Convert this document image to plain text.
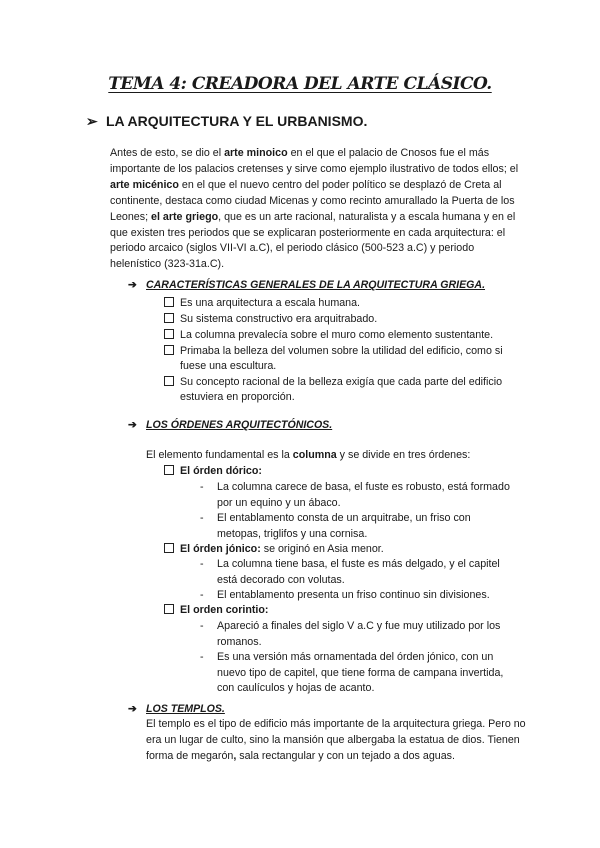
TEMA 4: CREADORA DEL ARTE CLÁSICO.
➢ LA ARQUITECTURA Y EL URBANISMO.
Antes de esto, se dio el arte minoico en el que el palacio de Cnosos fue el más importante de los palacios cretenses y sirve como ejemplo ilustrativo de todos ellos; el arte micénico en el que el nuevo centro del poder político se desplazó de Creta al continente, destaca como ciudad Micenas y como recinto amurallado la Puerta de los Leones; el arte griego, que es un arte racional, naturalista y a escala humana y en el que existen tres periodos que se explicaran posteriormente en cada arquitectura: el periodo arcaico (siglos VII-VI a.C), el periodo clásico (500-523 a.C) y periodo helenístico (323-31a.C).
➔ CARACTERÍSTICAS GENERALES DE LA ARQUITECTURA GRIEGA.
Es una arquitectura a escala humana.
Su sistema constructivo era arquitrabado.
La columna prevalecía sobre el muro como elemento sustentante.
Primaba la belleza del volumen sobre la utilidad del edificio, como si
fuese una escultura.
Su concepto racional de la belleza exigía que cada parte del edificio
estuviera en proporción.
➔ LOS ÓRDENES ARQUITECTÓNICOS.
El elemento fundamental es la columna y se divide en tres órdenes:
El órden dórico:
- La columna carece de basa, el fuste es robusto, está formado por un equino y un ábaco.
- El entablamento consta de un arquitrabe, un friso con metopas, triglifos y una cornisa.
El órden jónico: se originó en Asia menor.
- La columna tiene basa, el fuste es más delgado, y el capitel está decorado con volutas.
- El entablamento presenta un friso continuo sin divisiones.
El orden corintio:
- Apareció a finales del siglo V a.C y fue muy utilizado por los romanos.
- Es una versión más ornamentada del órden jónico, con un nuevo tipo de capitel, que tiene forma de campana invertida, con caulículos y hojas de acanto.
➔ LOS TEMPLOS.
El templo es el tipo de edificio más importante de la arquitectura griega. Pero no era un lugar de culto, sino la mansión que albergaba la estatua de dios. Tienen forma de megarón, sala rectangular y con un tejado a dos aguas.
